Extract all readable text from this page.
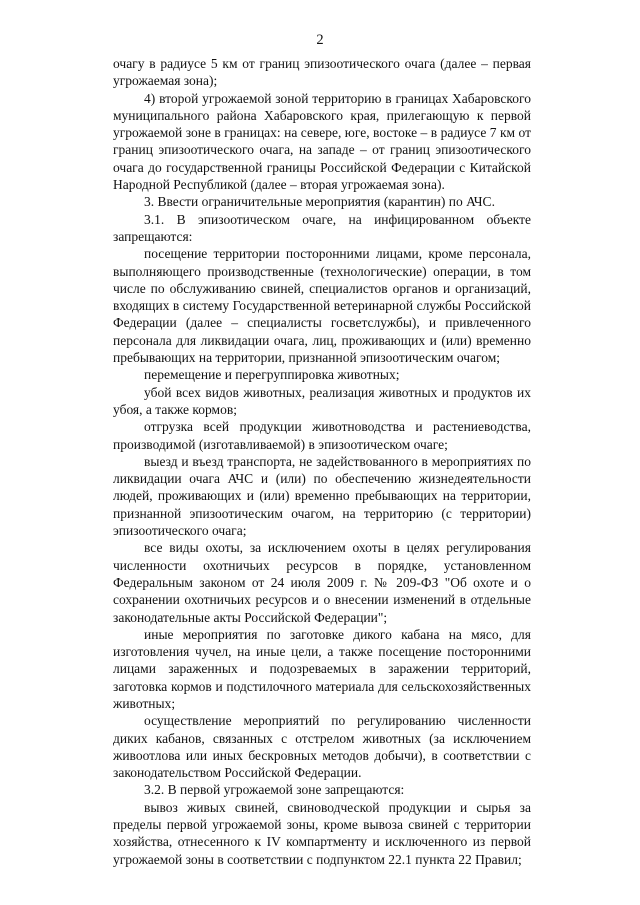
2

очагу в радиусе 5 км от границ эпизоотического очага (далее – первая угрожаемая зона);

4) второй угрожаемой зоной территорию в границах Хабаровского муниципального района Хабаровского края, прилегающую к первой угрожаемой зоне в границах: на севере, юге, востоке – в радиусе 7 км от границ эпизоотического очага, на западе – от границ эпизоотического очага до государственной границы Российской Федерации с Китайской Народной Республикой (далее – вторая угрожаемая зона).

3. Ввести ограничительные мероприятия (карантин) по АЧС.

3.1. В эпизоотическом очаге, на инфицированном объекте запрещаются:

посещение территории посторонними лицами, кроме персонала, выполняющего производственные (технологические) операции, в том числе по обслуживанию свиней, специалистов органов и организаций, входящих в систему Государственной ветеринарной службы Российской Федерации (далее – специалисты госветслужбы), и привлеченного персонала для ликвидации очага, лиц, проживающих и (или) временно пребывающих на территории, признанной эпизоотическим очагом;

перемещение и перегруппировка животных;

убой всех видов животных, реализация животных и продуктов их убоя, а также кормов;

отгрузка всей продукции животноводства и растениеводства, производимой (изготавливаемой) в эпизоотическом очаге;

выезд и въезд транспорта, не задействованного в мероприятиях по ликвидации очага АЧС и (или) по обеспечению жизнедеятельности людей, проживающих и (или) временно пребывающих на территории, признанной эпизоотическим очагом, на территорию (с территории) эпизоотического очага;

все виды охоты, за исключением охоты в целях регулирования численности охотничьих ресурсов в порядке, установленном Федеральным законом от 24 июля 2009 г. № 209-ФЗ "Об охоте и о сохранении охотничьих ресурсов и о внесении изменений в отдельные законодательные акты Российской Федерации";

иные мероприятия по заготовке дикого кабана на мясо, для изготовления чучел, на иные цели, а также посещение посторонними лицами зараженных и подозреваемых в заражении территорий, заготовка кормов и подстилочного материала для сельскохозяйственных животных;

осуществление мероприятий по регулированию численности диких кабанов, связанных с отстрелом животных (за исключением живоотлова или иных бескровных методов добычи), в соответствии с законодательством Российской Федерации.

3.2. В первой угрожаемой зоне запрещаются:

вывоз живых свиней, свиноводческой продукции и сырья за пределы первой угрожаемой зоны, кроме вывоза свиней с территории хозяйства, отнесенного к IV компартменту и исключенного из первой угрожаемой зоны в соответствии с подпунктом 22.1 пункта 22 Правил;
